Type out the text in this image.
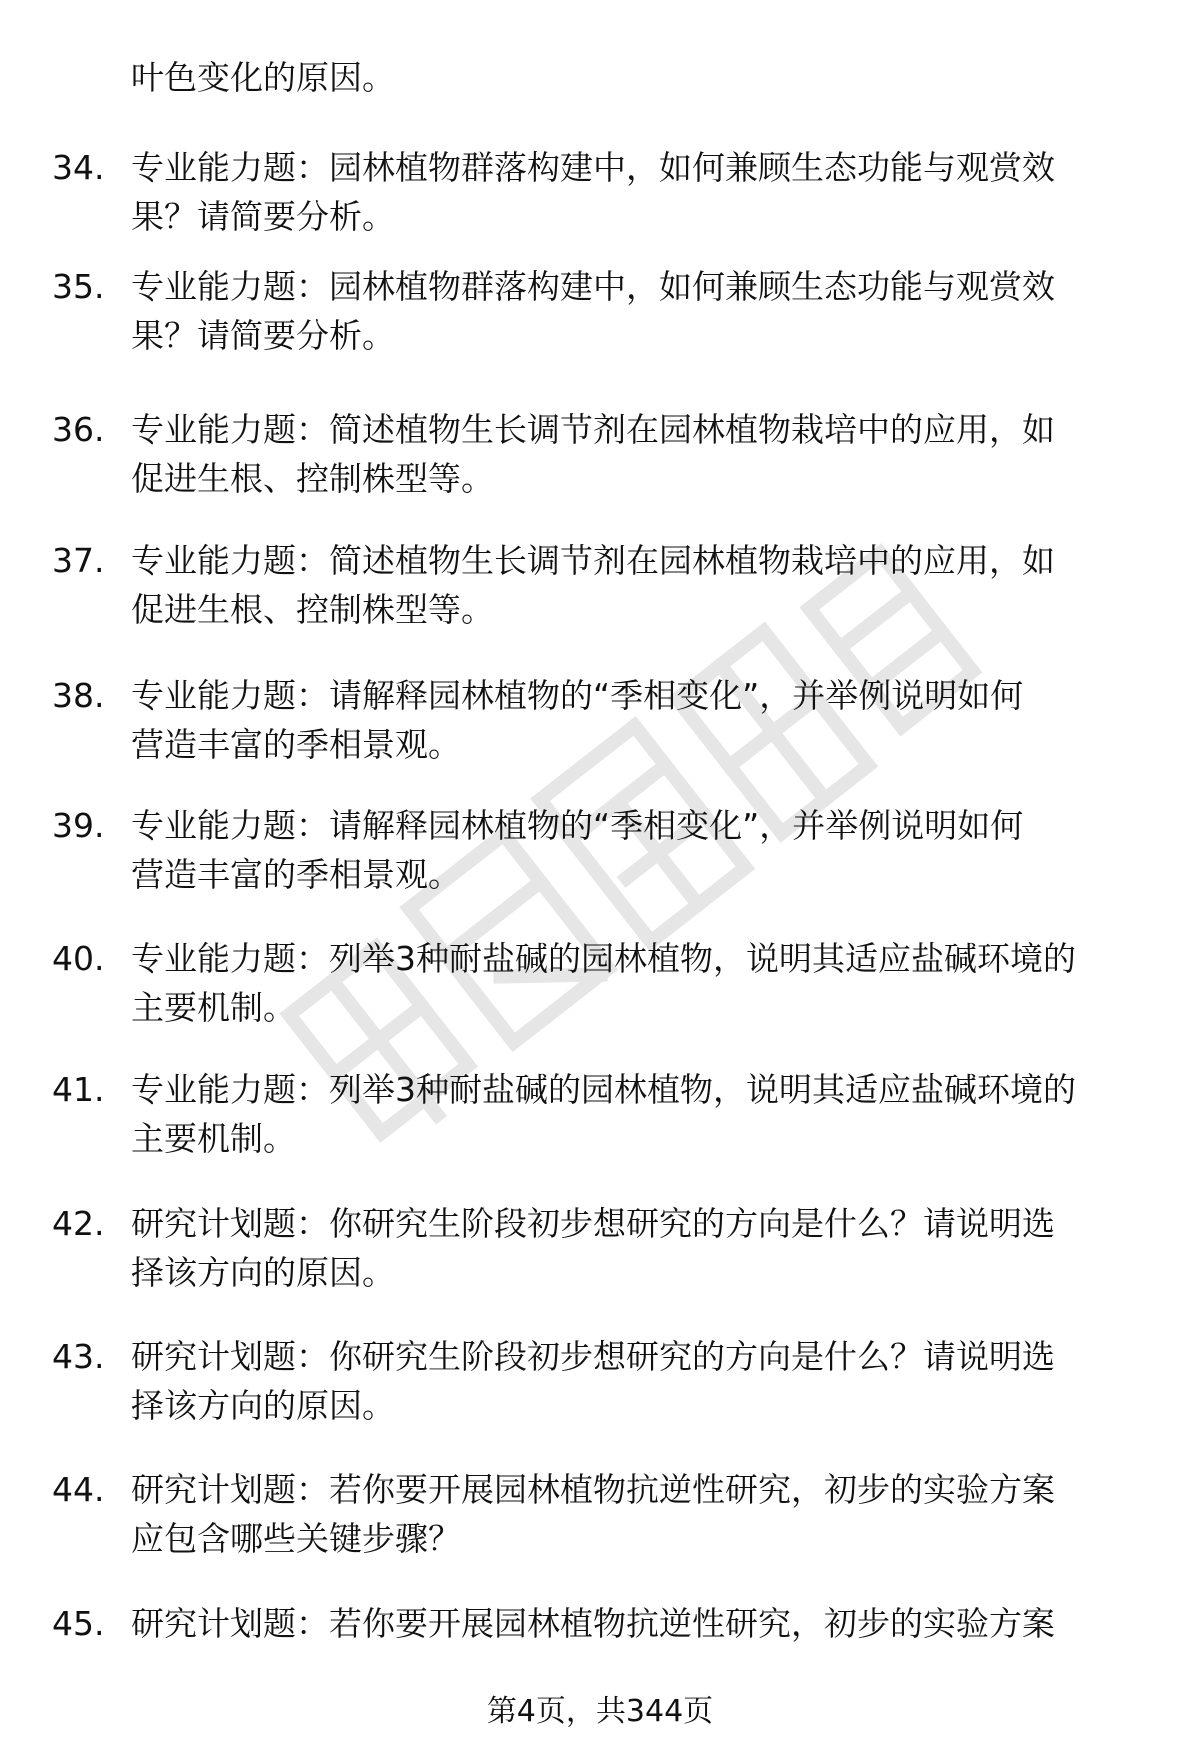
叶色变化的原因。
34. 专业能力题：园林植物群落构建中，如何兼顾生态功能与观赏效
果？请简要分析。
35. 专业能力题：园林植物群落构建中，如何兼顾生态功能与观赏效
果？请简要分析。
36. 专业能力题：简述植物生长调节剂在园林植物栽培中的应用，如
促进生根、控制株型等。
37. 专业能力题：简述植物生长调节剂在园林植物栽培中的应用，如
促进生根、控制株型等。
38. 专业能力题：请解释园林植物的“季相变化”，并举例说明如何
营造丰富的季相景观。
39. 专业能力题：请解释园林植物的“季相变化”，并举例说明如何
营造丰富的季相景观。
40. 专业能力题：列举3种耐盐碱的园林植物，说明其适应盐碱环境的
主要机制。
41. 专业能力题：列举3种耐盐碱的园林植物，说明其适应盐碱环境的
主要机制。
42. 研究计划题：你研究生阶段初步想研究的方向是什么？请说明选
择该方向的原因。
43. 研究计划题：你研究生阶段初步想研究的方向是什么？请说明选
择该方向的原因。
44. 研究计划题：若你要开展园林植物抗逆性研究，初步的实验方案
应包含哪些关键步骤？
45. 研究计划题：若你要开展园林植物抗逆性研究，初步的实验方案
第4页，共344页
